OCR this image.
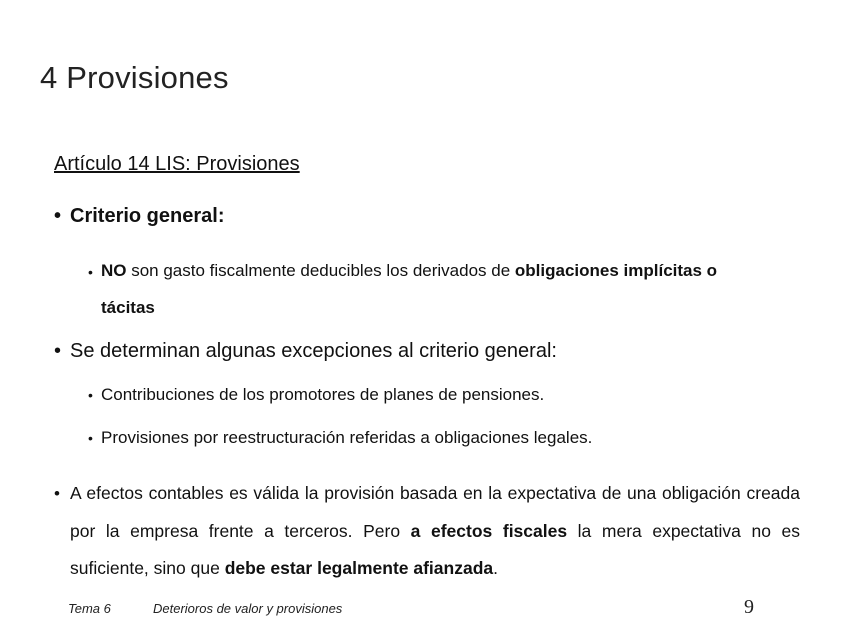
4 Provisiones
Artículo 14 LIS: Provisiones
• Criterio general:
• NO son gasto fiscalmente deducibles los derivados de obligaciones implícitas o tácitas
• Se determinan algunas excepciones al criterio general:
• Contribuciones de los promotores de planes de pensiones.
• Provisiones por reestructuración referidas a obligaciones legales.
• A efectos contables es válida la provisión basada en la expectativa de una obligación creada por la empresa frente a terceros. Pero a efectos fiscales la mera expectativa no es suficiente, sino que debe estar legalmente afianzada.
Tema 6	Deterioros de valor y provisiones	9
